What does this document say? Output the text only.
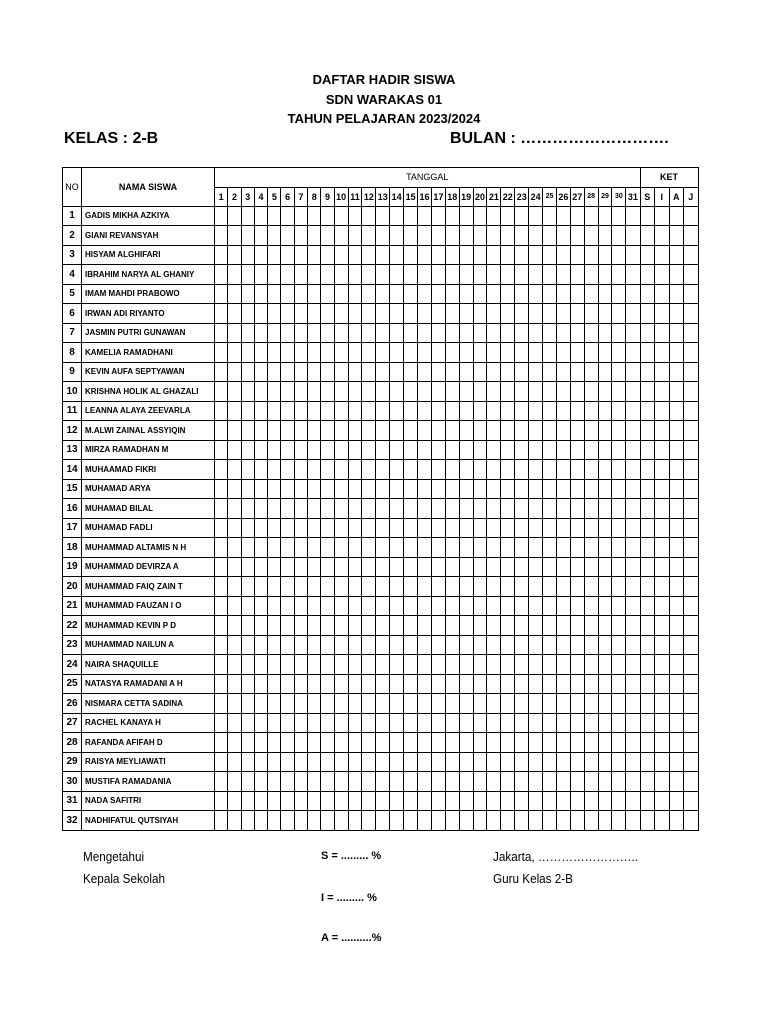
DAFTAR HADIR SISWA
SDN WARAKAS 01
TAHUN PELAJARAN 2023/2024
KELAS : 2-B	BULAN : ……………………….
NO	NAMA SISWA	TANGGAL																															KET			
		1	2	3	4	5	6	7	8	9	10	11	12	13	14	15	16	17	18	19	20	21	22	23	24	25	26	27	28	29	30	31	S	I	A	J
1	GADIS MIKHA AZKIYA																																			
2	GIANI REVANSYAH																																			
3	HISYAM ALGHIFARI																																			
4	IBRAHIM NARYA AL GHANIY																																			
5	IMAM MAHDI PRABOWO																																			
6	IRWAN ADI RIYANTO																																			
7	JASMIN PUTRI GUNAWAN																																			
8	KAMELIA RAMADHANI																																			
9	KEVIN AUFA SEPTYAWAN																																			
10	KRISHNA HOLIK AL GHAZALI																																			
11	LEANNA ALAYA ZEEVARLA																																			
12	M.ALWI ZAINAL ASSYIQIN																																			
13	MIRZA RAMADHAN M																																			
14	MUHAAMAD FIKRI																																			
15	MUHAMAD ARYA																																			
16	MUHAMAD BILAL																																			
17	MUHAMAD FADLI																																			
18	MUHAMMAD ALTAMIS N H																																			
19	MUHAMMAD DEVIRZA A																																			
20	MUHAMMAD FAIQ ZAIN T																																			
21	MUHAMMAD FAUZAN I O																																			
22	MUHAMMAD KEVIN P D																																			
23	MUHAMMAD NAILUN A																																			
24	NAIRA SHAQUILLE																																			
25	NATASYA RAMADANI A H																																			
26	NISMARA CETTA SADINA																																			
27	RACHEL KANAYA H																																			
28	RAFANDA AFIFAH D																																			
29	RAISYA MEYLIAWATI																																			
30	MUSTIFA RAMADANIA																																			
31	NADA SAFITRI																																			
32	NADHIFATUL QUTSIYAH																																			
Mengetahui
Kepala Sekolah
S = ......... %
I = ......... %
A = ..........%
Jakarta, ……………………..
Guru Kelas 2-B
